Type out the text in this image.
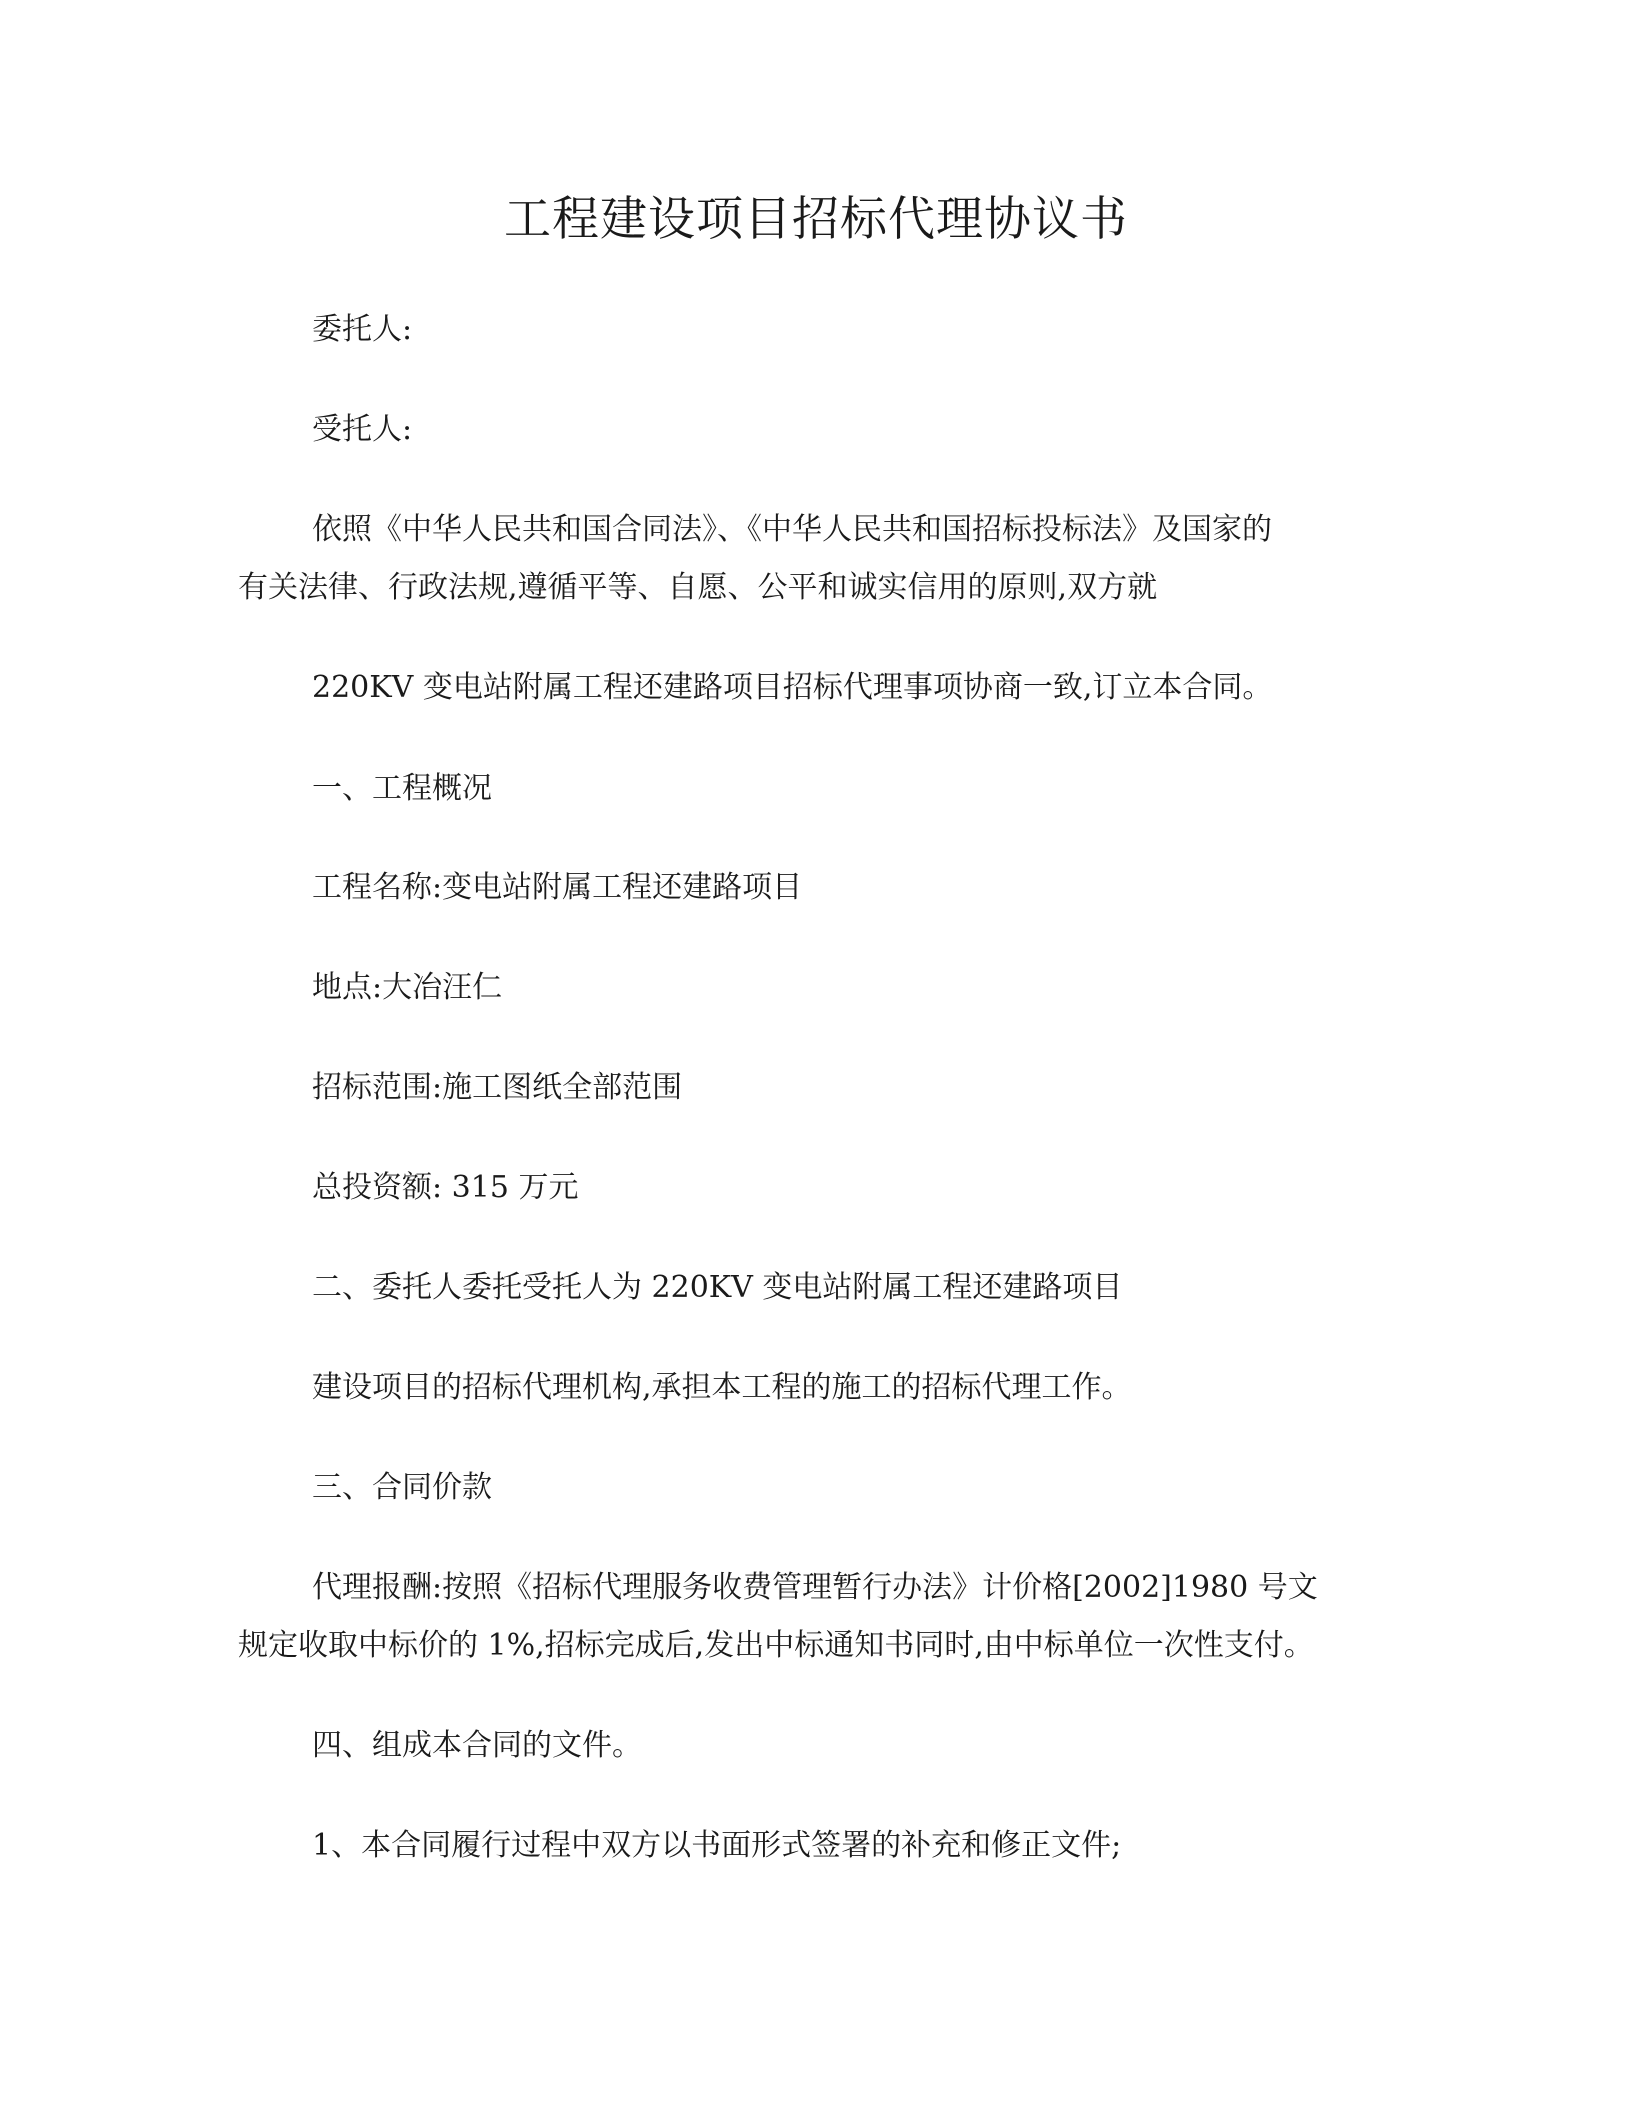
工程建设项目招标代理协议书

委托人:

受托人:

依照《中华人民共和国合同法》、《中华人民共和国招标投标法》及国家的

有关法律、行政法规,遵循平等、自愿、公平和诚实信用的原则,双方就

220KV 变电站附属工程还建路项目招标代理事项协商一致,订立本合同。

一、工程概况

工程名称:变电站附属工程还建路项目

地点:大冶汪仁

招标范围:施工图纸全部范围

总投资额: 315 万元

二、委托人委托受托人为 220KV 变电站附属工程还建路项目

建设项目的招标代理机构,承担本工程的施工的招标代理工作。

三、合同价款

代理报酬:按照《招标代理服务收费管理暂行办法》计价格[2002]1980 号文

规定收取中标价的 1%,招标完成后,发出中标通知书同时,由中标单位一次性支付。

四、组成本合同的文件。

1、本合同履行过程中双方以书面形式签署的补充和修正文件;
